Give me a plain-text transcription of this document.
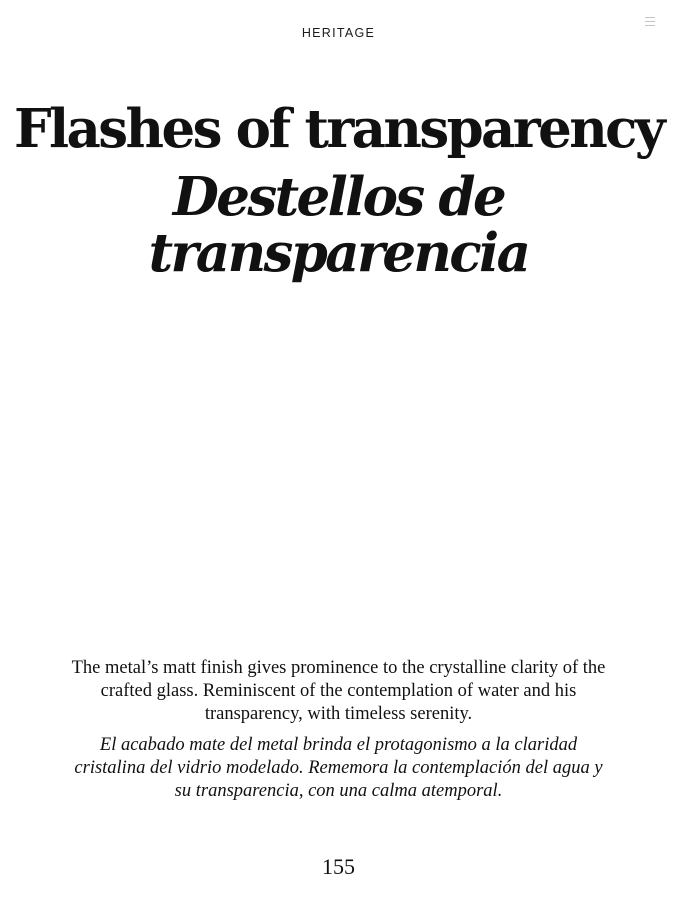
HERITAGE
Flashes of transparency
Destellos de transparencia

The metal’s matt finish gives prominence to the crystalline clarity of the crafted glass. Reminiscent of the contemplation of water and his transparency, with timeless serenity.

El acabado mate del metal brinda el protagonismo a la claridad cristalina del vidrio modelado. Rememora la contemplación del agua y su transparencia, con una calma atemporal.

155
